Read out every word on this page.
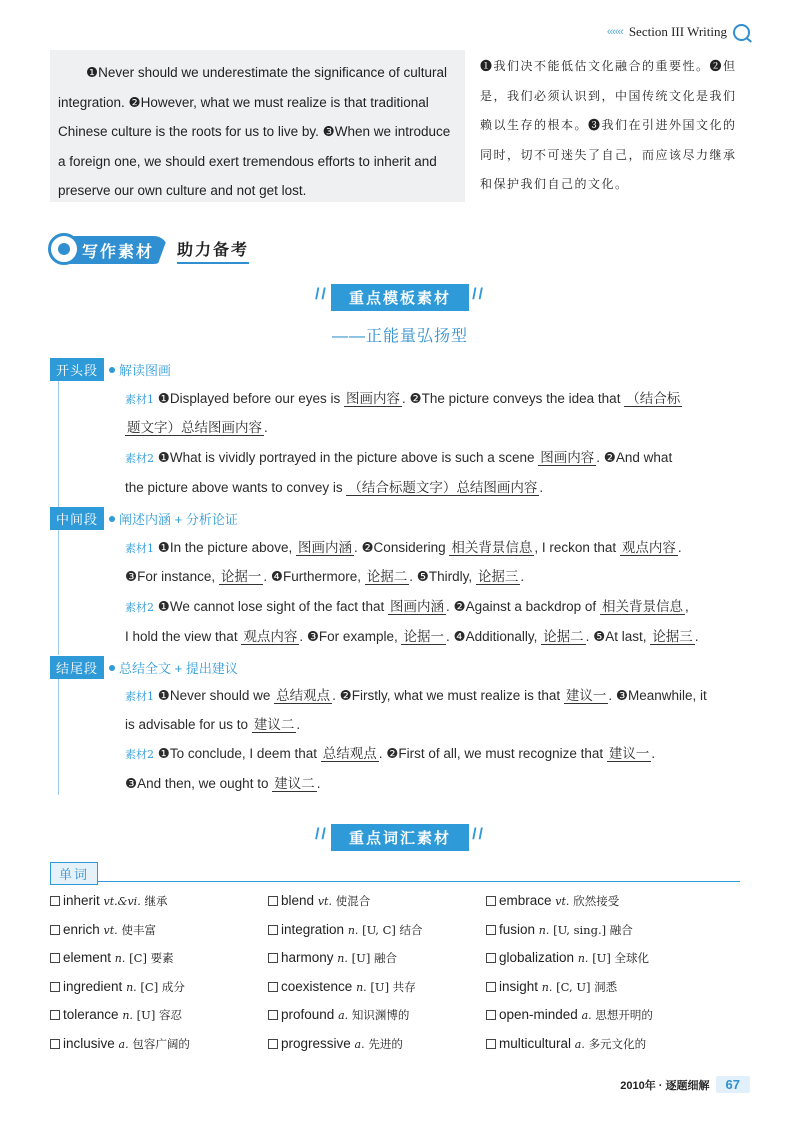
‹‹‹‹‹‹ Section III Writing

❶Never should we underestimate the significance of cultural integration. ❷However, what we must realize is that traditional Chinese culture is the roots for us to live by. ❸When we introduce a foreign one, we should exert tremendous efforts to inherit and preserve our own culture and not get lost.

❶我们决不能低估文化融合的重要性。❷但是，我们必须认识到，中国传统文化是我们赖以生存的根本。❸我们在引进外国文化的同时，切不可迷失了自己，而应该尽力继承和保护我们自己的文化。

写作素材 助力备考
// 重点模板素材 //
——正能量弘扬型
开头段	解读图画
素材1 ❶Displayed before our eyes is 图画内容 . ❷The picture conveys the idea that （结合标
题文字）总结图画内容 .
素材2 ❶What is vividly portrayed in the picture above is such a scene 图画内容 . ❷And what
the picture above wants to convey is （结合标题文字）总结图画内容 .
中间段	阐述内涵 + 分析论证
素材1 ❶In the picture above, 图画内涵 . ❷Considering 相关背景信息 , I reckon that 观点内容 .
❸For instance, 论据一 . ❹Furthermore, 论据二 . ❺Thirdly, 论据三 .
素材2 ❶We cannot lose sight of the fact that 图画内涵 . ❷Against a backdrop of 相关背景信息 ,
I hold the view that 观点内容 . ❸For example, 论据一 . ❹Additionally, 论据二 . ❺At last, 论据三 .
结尾段	总结全文 + 提出建议
素材1 ❶Never should we 总结观点 . ❷Firstly, what we must realize is that 建议一 . ❸Meanwhile, it
is advisable for us to 建议二 .
素材2 ❶To conclude, I deem that 总结观点 . ❷First of all, we must recognize that 建议一 .
❸And then, we ought to 建议二 .
// 重点词汇素材 //
单词
inherit vt.&vi. 继承	blend vt. 使混合	embrace vt. 欣然接受
enrich vt. 使丰富	integration n. [U, C] 结合	fusion n. [U, sing.] 融合
element n. [C] 要素	harmony n. [U] 融合	globalization n. [U] 全球化
ingredient n. [C] 成分	coexistence n. [U] 共存	insight n. [C, U] 洞悉
tolerance n. [U] 容忍	profound a. 知识渊博的	open-minded a. 思想开明的
inclusive a. 包容广阔的	progressive a. 先进的	multicultural a. 多元文化的
2010年 · 逐题细解	67
